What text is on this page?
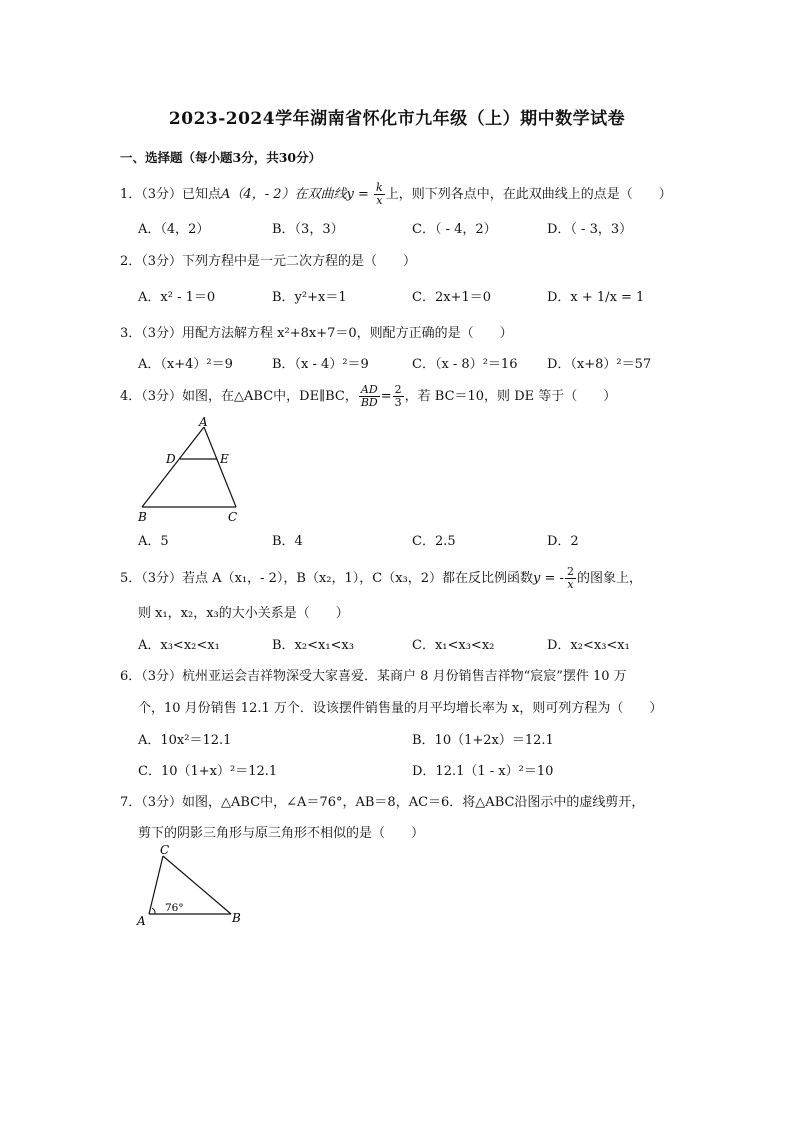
2023-2024学年湖南省怀化市九年级（上）期中数学试卷
一、选择题（每小题3分，共30分）
1．（3分）已知点A（4，- 2）在双曲线$y = \frac{k}{x}$ 上，则下列各点中，在此双曲线上的点是（　　）
A．（4，2）	B．（3，3）	C．（ - 4，2）	D．（ - 3，3）
2．（3分）下列方程中是一元二次方程的是（　　）
A．x² - 1＝0	B．y²+x＝1	C．2x+1＝0	D．x + 1/x = 1
3．（3分）用配方法解方程 x²+8x+7＝0，则配方正确的是（　　）
A．（x+4）²＝9	B．（x - 4）²＝9	C．（x - 8）²＝16 D．（x+8）²＝57
4．（3分）如图，在△ABC中，DE∥BC， $\frac{AD}{BD} = \frac{2}{3}$ ，若 BC＝10，则 DE 等于（　　）
A
D	E
B	C
A．5	B．4	C．2.5	D．2
5．（3分）若点 A（x₁，- 2），B（x₂，1），C（x₃，2）都在反比例函数y = - $\frac{2}{x}$ 的图象上，
则 x₁，x₂，x₃的大小关系是（　　）
A．x₃<x₂<x₁	B．x₂<x₁<x₃	C．x₁<x₃<x₂	D．x₂<x₃<x₁
6．（3分）杭州亚运会吉祥物深受大家喜爱．某商户 8 月份销售吉祥物“宸宸”摆件 10 万
个，10 月份销售 12.1 万个．设该摆件销售量的月平均增长率为 x，则可列方程为（　　）
A．10x²＝12.1	B．10（1+2x）＝12.1
C．10（1+x）²＝12.1	D．12.1（1 - x）²＝10
7．（3分）如图，△ABC中，∠A＝76°，AB＝8，AC＝6．将△ABC沿图示中的虚线剪开，
剪下的阴影三角形与原三角形不相似的是（　　）
C
A	B
76°
